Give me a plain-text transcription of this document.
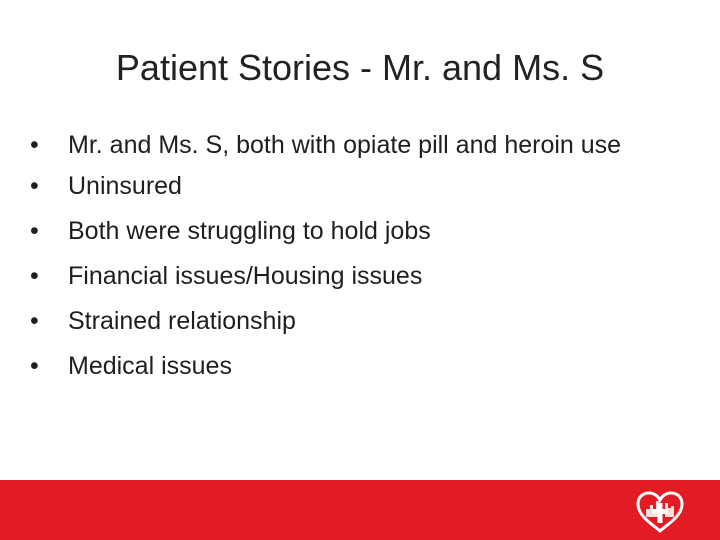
Patient Stories - Mr. and Ms. S
• Mr. and Ms. S, both with opiate pill and heroin use
• Uninsured
• Both were struggling to hold jobs
• Financial issues/Housing issues
• Strained relationship
• Medical issues
